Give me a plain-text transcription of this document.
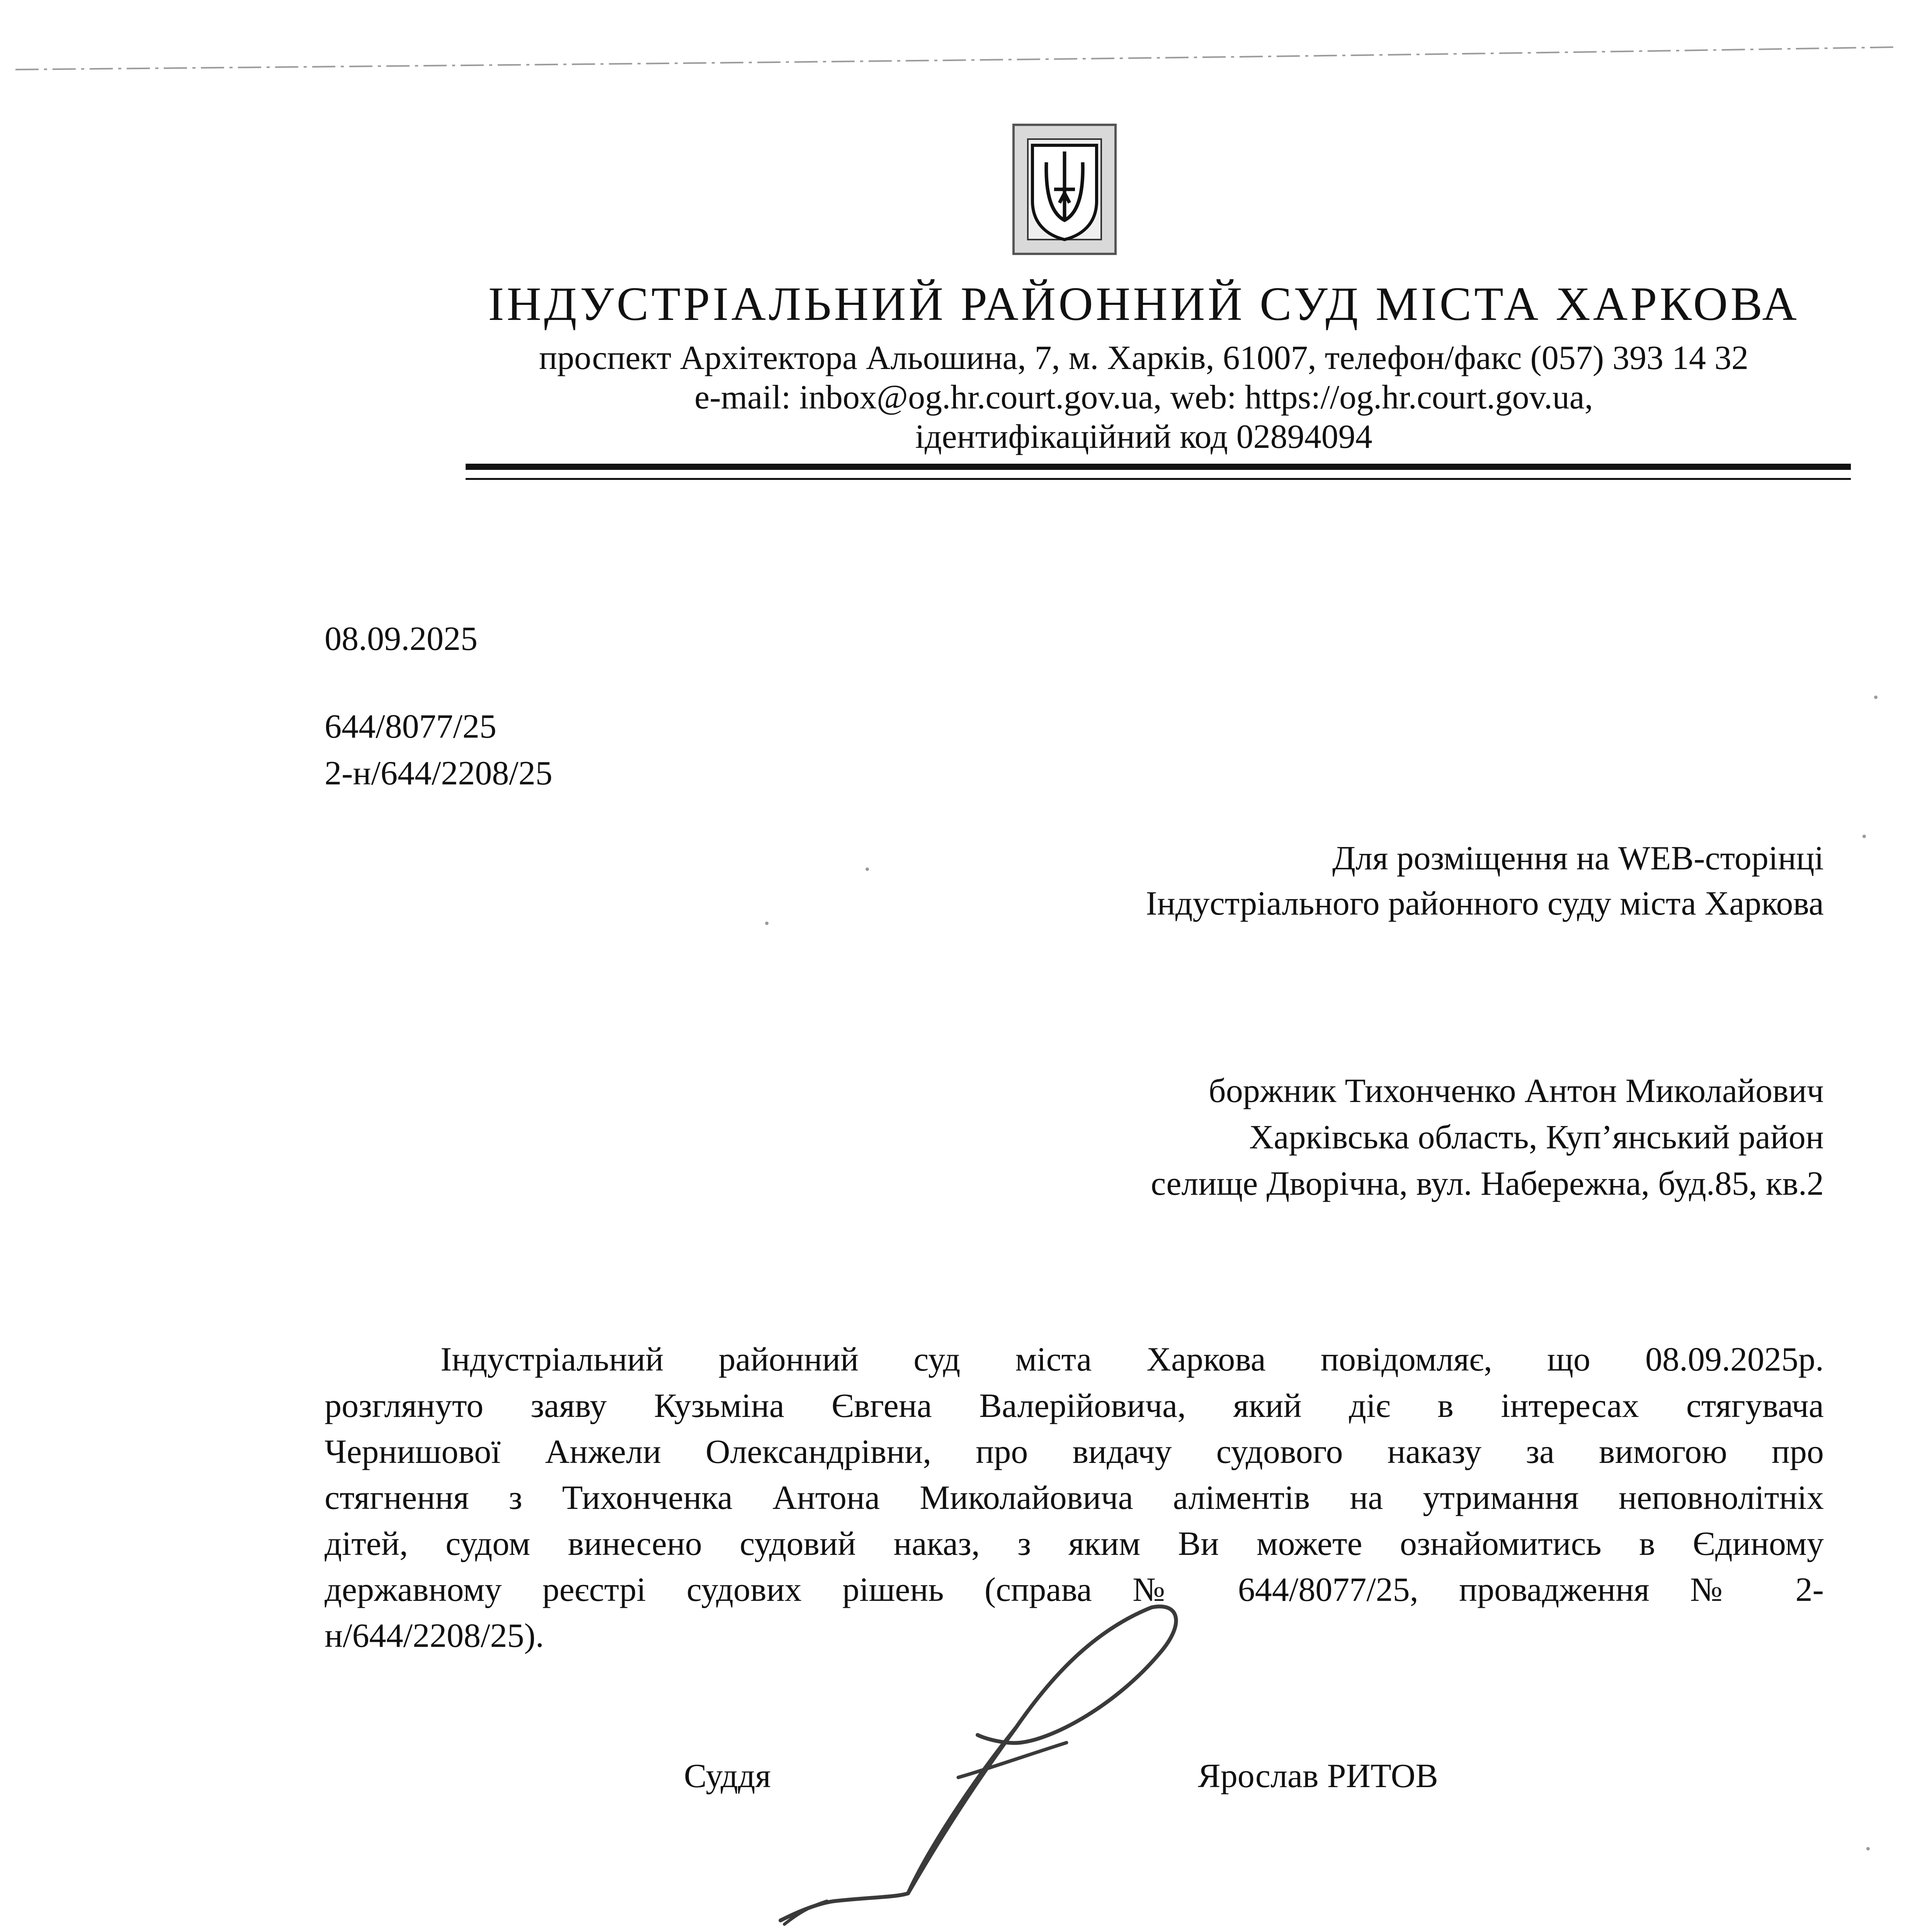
ІНДУСТРІАЛЬНИЙ РАЙОННИЙ СУД МІСТА ХАРКОВА
проспект Архітектора Альошина, 7, м. Харків, 61007, телефон/факс (057) 393 14 32
e-mail: inbox@og.hr.court.gov.ua, web: https://og.hr.court.gov.ua,
ідентифікаційний код 02894094
08.09.2025
644/8077/25
2-н/644/2208/25
Для розміщення на WEB-сторінці
Індустріального районного суду міста Харкова
боржник Тихонченко Антон Миколайович
Харківська область, Куп’янський район
селище Дворічна, вул. Набережна, буд.85, кв.2
Індустріальний районний суд міста Харкова повідомляє, що 08.09.2025р.
розглянуто заяву Кузьміна Євгена Валерійовича, який діє в інтересах стягувача
Чернишової Анжели Олександрівни, про видачу судового наказу за вимогою про
стягнення з Тихонченка Антона Миколайовича аліментів на утримання неповнолітніх
дітей, судом винесено судовий наказ, з яким Ви можете ознайомитись в Єдиному
державному реєстрі судових рішень (справа № 644/8077/25, провадження № 2-
н/644/2208/25).
Суддя	Ярослав РИТОВ
